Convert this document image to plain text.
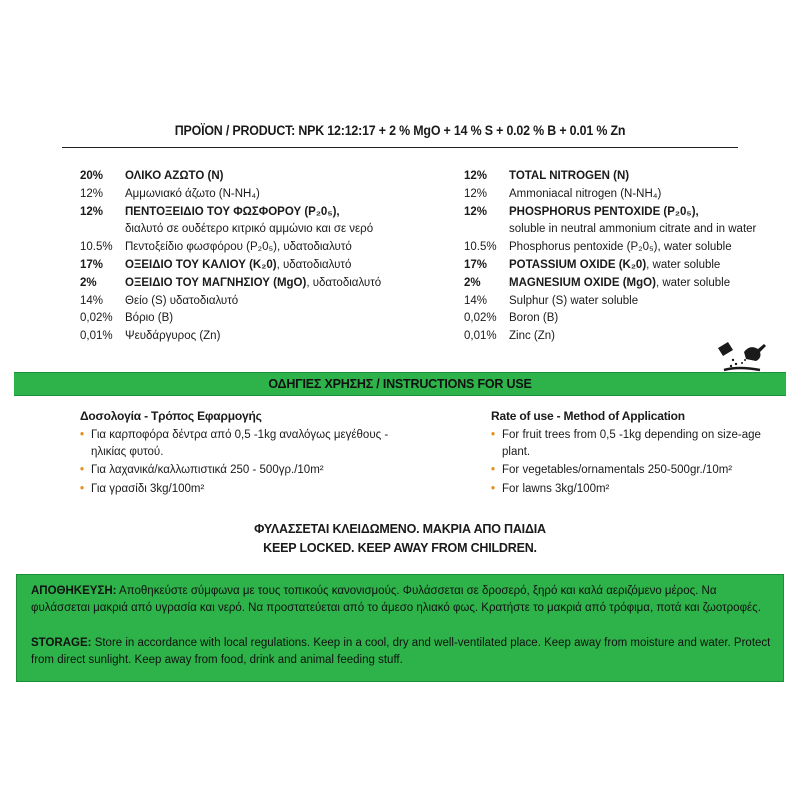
ΠΡΟΪΟΝ / PRODUCT: NPK 12:12:17 + 2 % MgO + 14 % S + 0.02 % B + 0.01 % Zn
20%	ΟΛΙΚΟ ΑΖΩΤΟ (N)
12%	Αμμωνιακό άζωτο (N-NH₄)
12%	ΠΕΝΤΟΞΕΙΔΙΟ ΤΟΥ ΦΩΣΦΟΡΟΥ (P₂0₅),
διαλυτό σε ουδέτερο κιτρικό αμμώνιο και σε νερό
10.5%	Πεντοξείδιο φωσφόρου (P₂0₅), υδατοδιαλυτό
17%	ΟΞΕΙΔΙΟ ΤΟΥ ΚΑΛΙΟΥ (K₂0), υδατοδιαλυτό
2%	ΟΞΕΙΔΙΟ ΤΟΥ ΜΑΓΝΗΣΙΟΥ (MgO), υδατοδιαλυτό
14%	Θείο (S) υδατοδιαλυτό
0,02%	Βόριο (B)
0,01%	Ψευδάργυρος (Zn)
12%	TOTAL NITROGEN (N)
12%	Ammoniacal nitrogen (N-NH₄)
12%	PHOSPHORUS PENTOXIDE (P₂0₅),
soluble in neutral ammonium citrate and in water
10.5%	Phosphorus pentoxide (P₂0₅), water soluble
17%	POTASSIUM OXIDE (K₂0), water soluble
2%	MAGNESIUM OXIDE (MgO), water soluble
14%	Sulphur (S) water soluble
0,02%	Boron (B)
0,01%	Zinc (Zn)
ΟΔΗΓΙΕΣ ΧΡΗΣΗΣ / INSTRUCTIONS FOR USE
Δοσολογία - Τρόπος Εφαρμογής
• Για καρποφόρα δέντρα από 0,5 -1kg αναλόγως μεγέθους - ηλικίας φυτού.
• Για λαχανικά/καλλωπιστικά 250 - 500γρ./10m²
• Για γρασίδι 3kg/100m²
Rate of use - Method of Application
• For fruit trees from 0,5 -1kg depending on size-age plant.
• For vegetables/ornamentals 250-500gr./10m²
• For lawns 3kg/100m²
ΦΥΛΑΣΣΕΤΑΙ ΚΛΕΙΔΩΜΕΝΟ. ΜΑΚΡΙΑ ΑΠΟ ΠΑΙΔΙΑ
KEEP LOCKED. KEEP AWAY FROM CHILDREN.
ΑΠΟΘΗΚΕΥΣΗ: Αποθηκεύστε σύμφωνα με τους τοπικούς κανονισμούς. Φυλάσσεται σε δροσερό, ξηρό και καλά αεριζόμενο μέρος. Να φυλάσσεται μακριά από υγρασία και νερό. Να προστατεύεται από το άμεσο ηλιακό φως. Κρατήστε το μακριά από τρόφιμα, ποτά και ζωοτροφές.
STORAGE: Store in accordance with local regulations. Keep in a cool, dry and well-ventilated place. Keep away from moisture and water. Protect from direct sunlight. Keep away from food, drink and animal feeding stuff.
